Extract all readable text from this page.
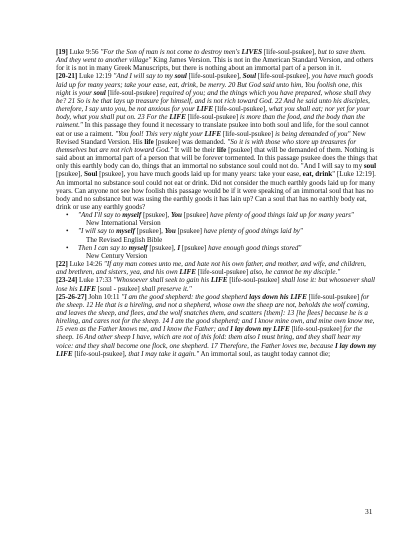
[19] Luke 9:56 "For the Son of man is not come to destroy men's LIVES [life-soul-psukee], but to save them. And they went to another village" King James Version. This is not in the American Standard Version, and others for it is not in many Greek Manuscripts, but there is nothing about an immortal part of a person in it.

[20-21] Luke 12:19 "And I will say to my soul [life-soul-psukee], Soul [life-soul-psukee], you have much goods laid up for many years; take your ease, eat, drink, be merry. 20 But God said unto him, You foolish one, this night is your soul [life-soul-psukee] required of you; and the things which you have prepared, whose shall they be? 21 So is he that lays up treasure for himself, and is not rich toward God. 22 And he said unto his disciples, therefore, I say unto you, be not anxious for your LIFE [life-soul-psukee], what you shall eat; nor yet for your body, what you shall put on. 23 For the LIFE [life-soul-psukee] is more than the food, and the body than the raiment." In this passage they found it necessary to translate psukee into both soul and life, for the soul cannot eat or use a raiment. "You fool! This very night your LIFE [life-soul-psukee] is being demanded of you" New Revised Standard Version. His life [psukee] was demanded. "So it is with those who store up treasures for themselves but are not rich toward God." It will be their life [psukee] that will be demanded of them. Nothing is said about an immortal part of a person that will be forever tormented. In this passage psukee does the things that only this earthly body can do, things that an immortal no substance soul could not do. "And I will say to my soul [psukee], Soul [psukee], you have much goods laid up for many years: take your ease, eat, drink" [Luke 12:19]. An immortal no substance soul could not eat or drink. Did not consider the much earthly goods laid up for many years. Can anyone not see how foolish this passage would be if it were speaking of an immortal soul that has no body and no substance but was using the earthly goods it has lain up? Can a soul that has no earthly body eat, drink or use any earthly goods?

• "And I'll say to myself [psukee], You [psukee] have plenty of good things laid up for many years"
New International Version
• "I will say to myself [psukee], You [psukee] have plenty of good things laid by"
The Revised English Bible
• Then I can say to myself [psukee], I [psukee] have enough good things stored"
New Century Version

[22] Luke 14:26 "If any man comes unto me, and hate not his own father, and mother, and wife, and children, and brethren, and sisters, yea, and his own LIFE [life-soul-psukee] also, he cannot be my disciple."

[23-24] Luke 17:33 "Whosoever shall seek to gain his LIFE [life-soul-psukee] shall lose it: but whosoever shall lose his LIFE [soul - psukee] shall preserve it."

[25-26-27] John 10:11 "I am the good shepherd: the good shepherd lays down his LIFE [life-soul-psukee] for the sheep. 12 He that is a hireling, and not a shepherd, whose own the sheep are not, beholds the wolf coming, and leaves the sheep, and flees, and the wolf snatches them, and scatters [them]: 13 [he flees] because he is a hireling, and cares not for the sheep. 14 I am the good shepherd; and I know mine own, and mine own know me, 15 even as the Father knows me, and I know the Father; and I lay down my LIFE [life-soul-psukee] for the sheep. 16 And other sheep I have, which are not of this fold: them also I must bring, and they shall hear my voice: and they shall become one flock, one shepherd. 17 Therefore, the Father loves me, because I lay down my LIFE [life-soul-psukee], that I may take it again." An immortal soul, as taught today cannot die;

31
